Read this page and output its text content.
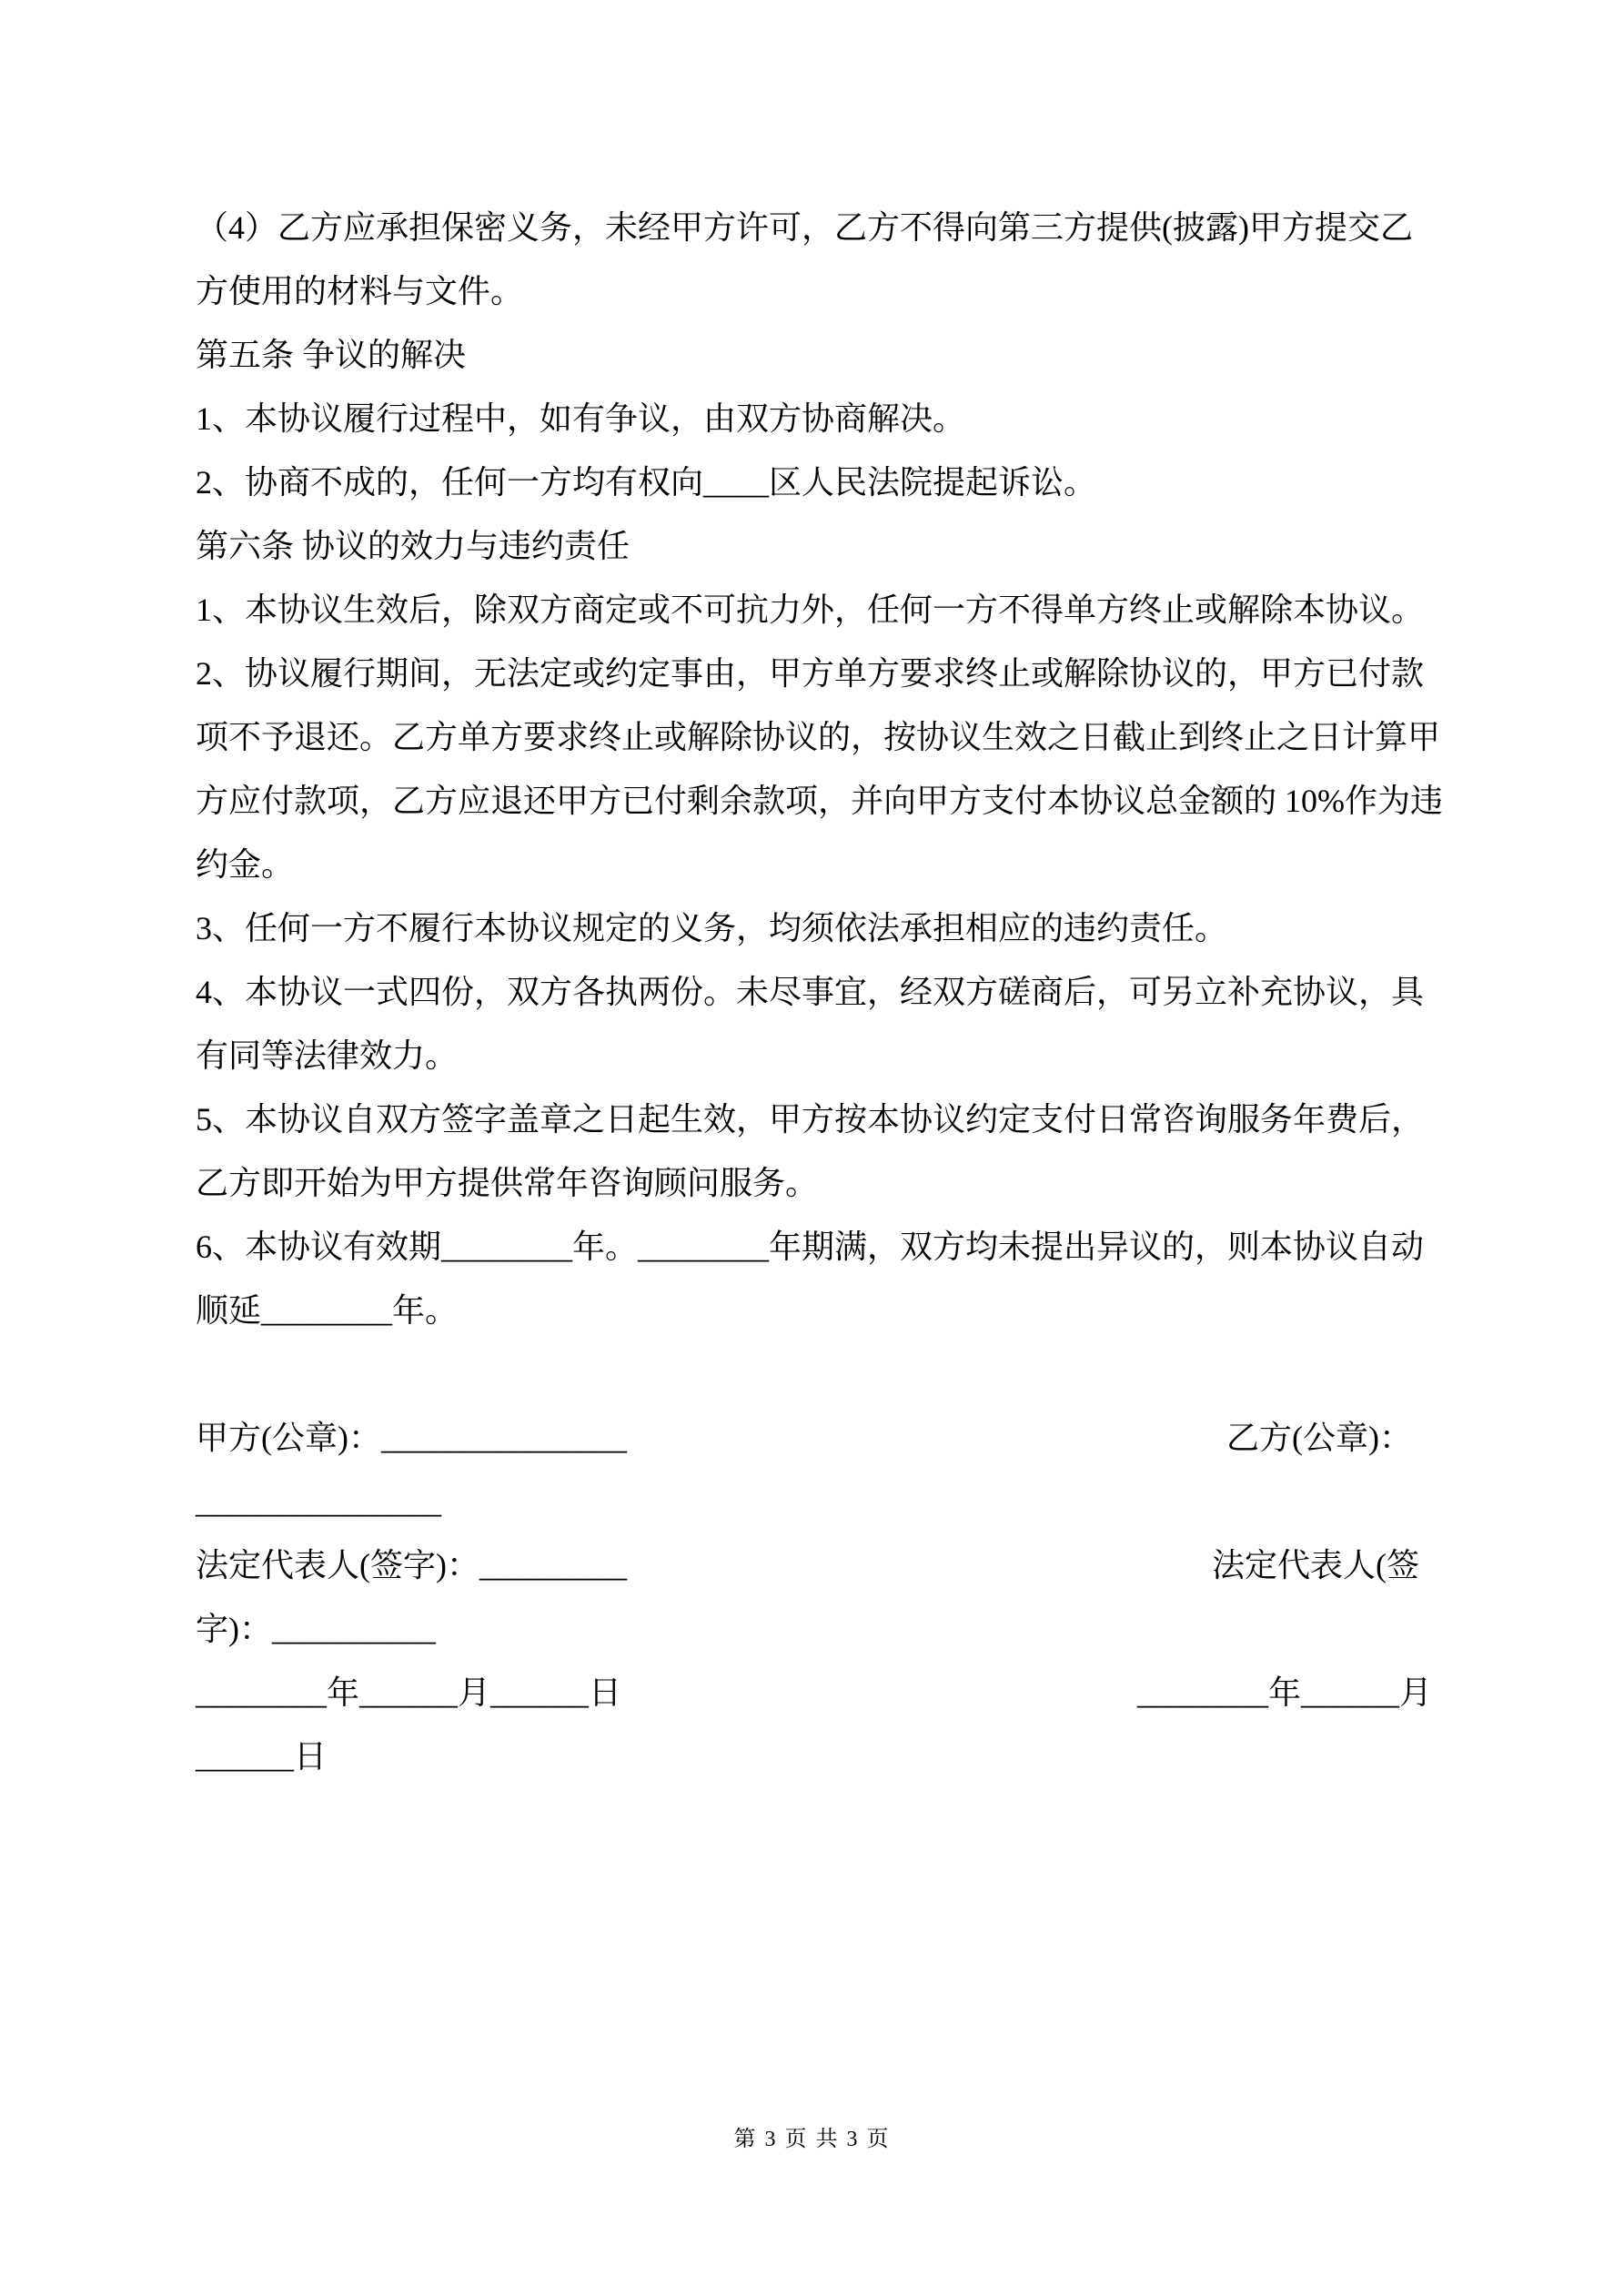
（4）乙方应承担保密义务，未经甲方许可，乙方不得向第三方提供(披露)甲方提交乙
方使用的材料与文件。
第五条 争议的解决
1、本协议履行过程中，如有争议，由双方协商解决。
2、协商不成的，任何一方均有权向____区人民法院提起诉讼。
第六条 协议的效力与违约责任
1、本协议生效后，除双方商定或不可抗力外，任何一方不得单方终止或解除本协议。
2、协议履行期间，无法定或约定事由，甲方单方要求终止或解除协议的，甲方已付款
项不予退还。乙方单方要求终止或解除协议的，按协议生效之日截止到终止之日计算甲
方应付款项，乙方应退还甲方已付剩余款项，并向甲方支付本协议总金额的 10%作为违
约金。
3、任何一方不履行本协议规定的义务，均须依法承担相应的违约责任。
4、本协议一式四份，双方各执两份。未尽事宜，经双方磋商后，可另立补充协议，具
有同等法律效力。
5、本协议自双方签字盖章之日起生效，甲方按本协议约定支付日常咨询服务年费后，
乙方即开始为甲方提供常年咨询顾问服务。
6、本协议有效期________年。________年期满，双方均未提出异议的，则本协议自动
顺延________年。
甲方(公章)：_______________	乙方(公章)：
_______________
法定代表人(签字)：_________	法定代表人(签
字)：__________
________年______月______日	________年______月
______日
第 3 页 共 3 页
